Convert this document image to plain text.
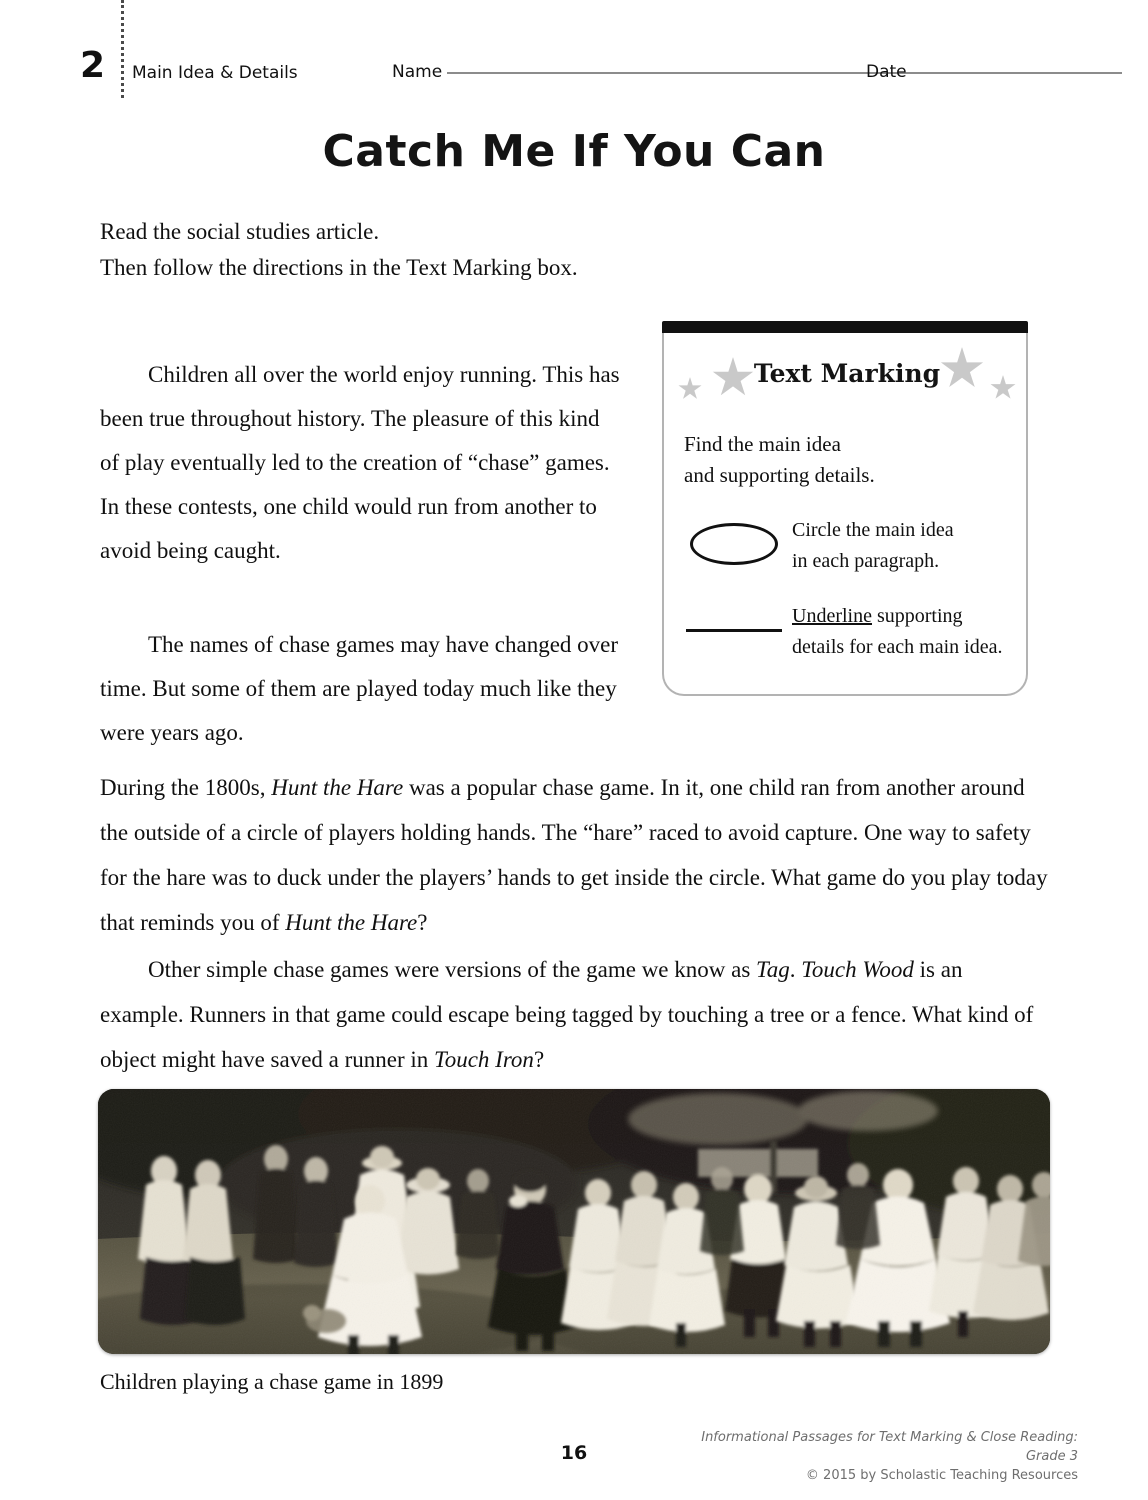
2 Main Idea & Details	Name	Date
Catch Me If You Can
Read the social studies article.
Then follow the directions in the Text Marking box.
Text Marking
Find the main idea
and supporting details.
Circle the main idea
in each paragraph.
Underline supporting
details for each main idea.

Children all over the world enjoy running. This has been true throughout history. The pleasure of this kind of play eventually led to the creation of “chase” games. In these contests, one child would run from another to avoid being caught.

The names of chase games may have changed over time. But some of them are played today much like they were years ago.

During the 1800s, Hunt the Hare was a popular chase game. In it, one child ran from another around the outside of a circle of players holding hands. The “hare” raced to avoid capture. One way to safety for the hare was to duck under the players’ hands to get inside the circle. What game do you play today that reminds you of Hunt the Hare?

Other simple chase games were versions of the game we know as Tag. Touch Wood is an example. Runners in that game could escape being tagged by touching a tree or a fence. What kind of object might have saved a runner in Touch Iron?

Children playing a chase game in 1899
16
Informational Passages for Text Marking & Close Reading: Grade 3
© 2015 by Scholastic Teaching Resources
